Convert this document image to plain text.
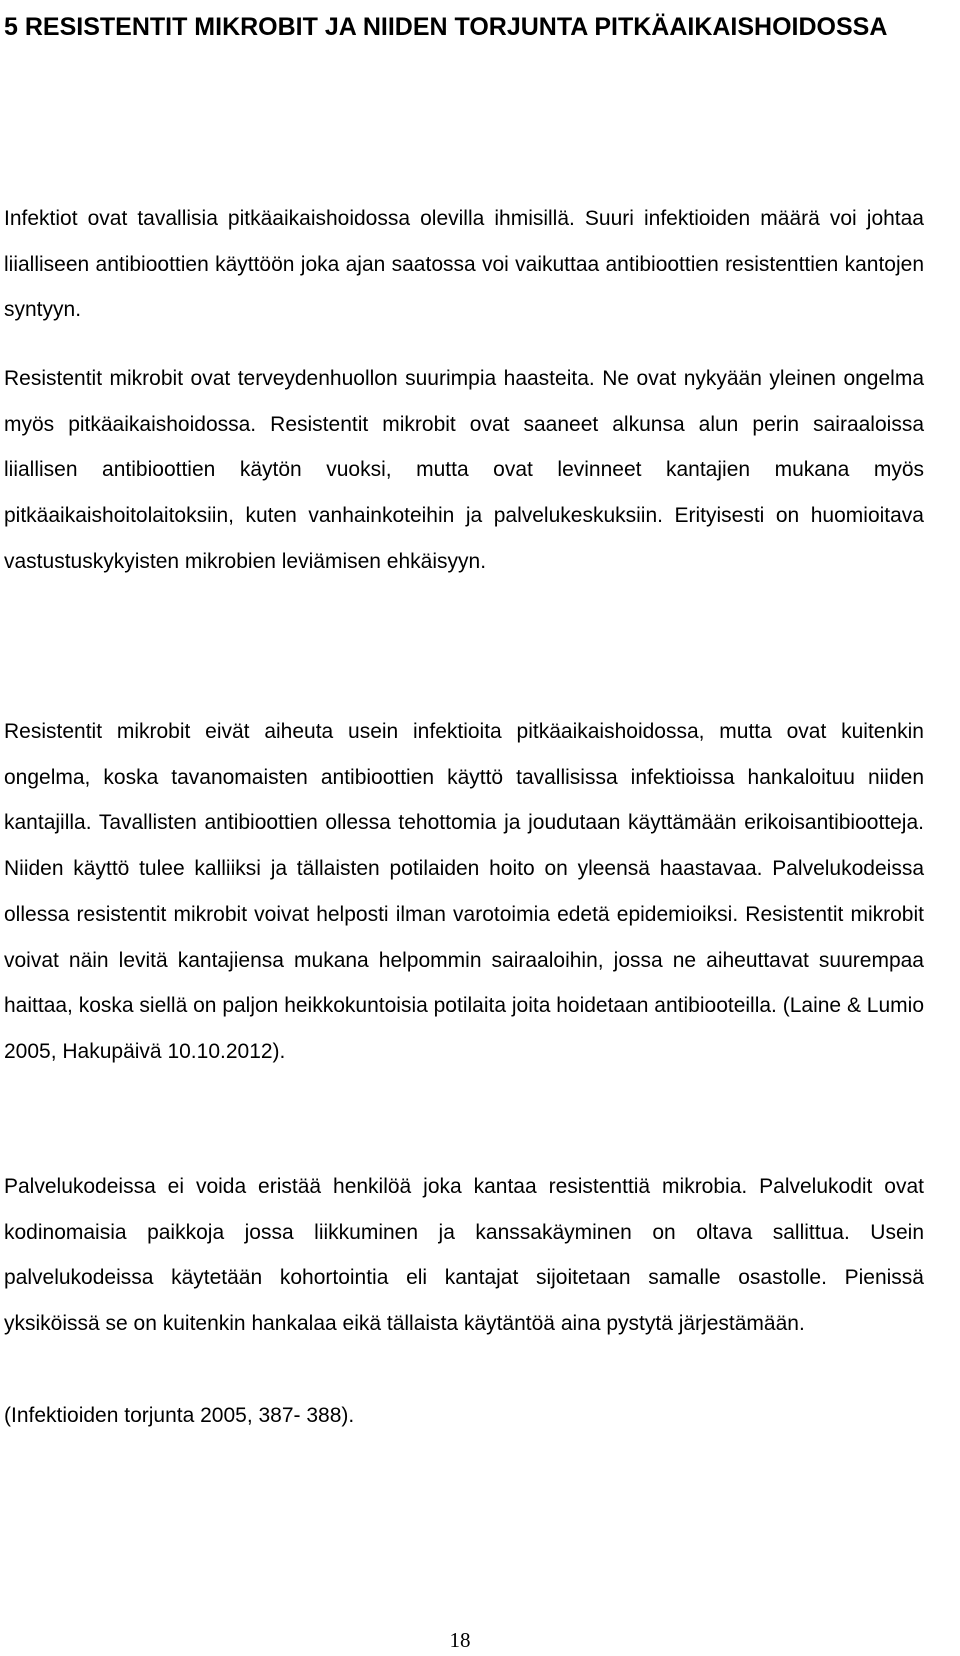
5 RESISTENTIT MIKROBIT JA NIIDEN TORJUNTA PITKÄAIKAISHOIDOSSA

Infektiot ovat tavallisia pitkäaikaishoidossa olevilla ihmisillä. Suuri infektioiden määrä voi johtaa liialliseen antibioottien käyttöön joka ajan saatossa voi vaikuttaa antibioottien resistenttien kantojen syntyyn.

Resistentit mikrobit ovat terveydenhuollon suurimpia haasteita. Ne ovat nykyään yleinen ongelma myös pitkäaikaishoidossa. Resistentit mikrobit ovat saaneet alkunsa alun perin sairaaloissa liiallisen antibioottien käytön vuoksi, mutta ovat levinneet kantajien mukana myös pitkäaikaishoitolaitoksiin, kuten vanhainkoteihin ja palvelukeskuksiin. Erityisesti on huomioitava vastustuskykyisten mikrobien leviämisen ehkäisyyn.

Resistentit mikrobit eivät aiheuta usein infektioita pitkäaikaishoidossa, mutta ovat kuitenkin ongelma, koska tavanomaisten antibioottien käyttö tavallisissa infektioissa hankaloituu niiden kantajilla. Tavallisten antibioottien ollessa tehottomia ja joudutaan käyttämään erikoisantibiootteja. Niiden käyttö tulee kalliiksi ja tällaisten potilaiden hoito on yleensä haastavaa. Palvelukodeissa ollessa resistentit mikrobit voivat helposti ilman varotoimia edetä epidemioiksi. Resistentit mikrobit voivat näin levitä kantajiensa mukana helpommin sairaaloihin, jossa ne aiheuttavat suurempaa haittaa, koska siellä on paljon heikkokuntoisia potilaita joita hoidetaan antibiooteilla. (Laine & Lumio 2005, Hakupäivä 10.10.2012).

Palvelukodeissa ei voida eristää henkilöä joka kantaa resistenttiä mikrobia. Palvelukodit ovat kodinomaisia paikkoja jossa liikkuminen ja kanssakäyminen on oltava sallittua. Usein palvelukodeissa käytetään kohortointia eli kantajat sijoitetaan samalle osastolle. Pienissä yksiköissä se on kuitenkin hankalaa eikä tällaista käytäntöä aina pystytä järjestämään.

(Infektioiden torjunta 2005, 387- 388).

18
